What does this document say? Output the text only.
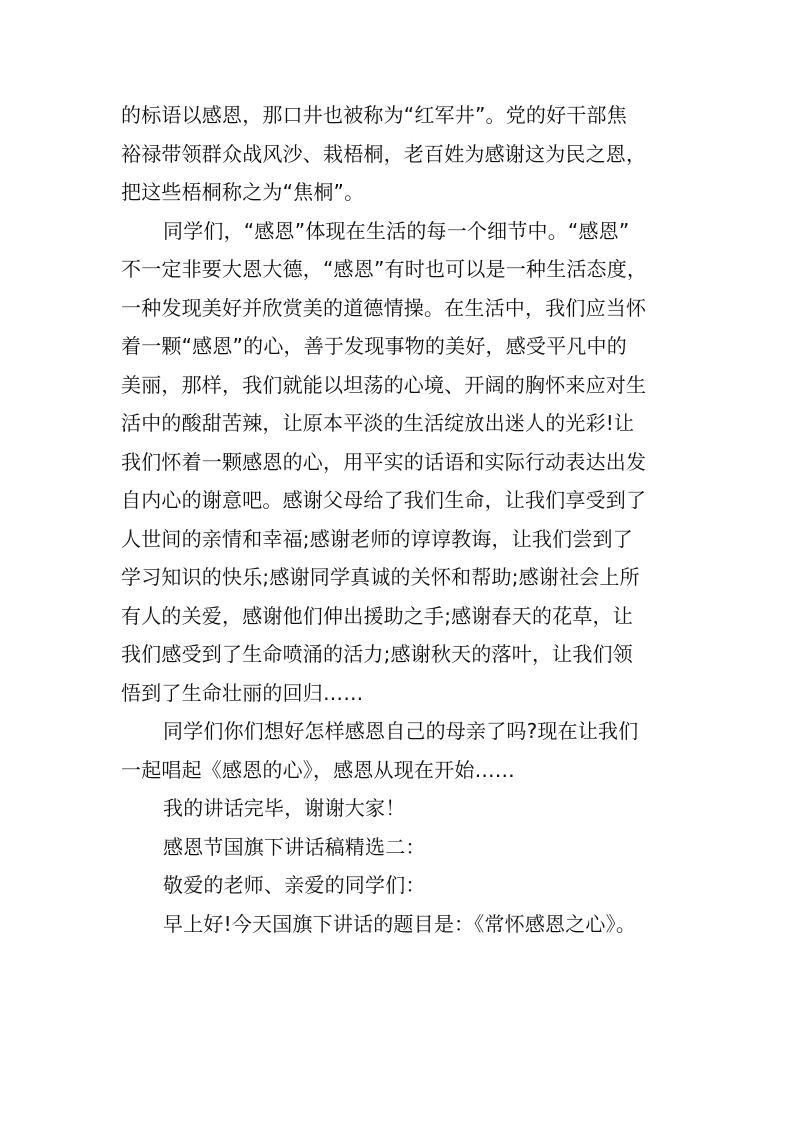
的标语以感恩，那口井也被称为“红军井”。党的好干部焦
裕禄带领群众战风沙、栽梧桐，老百姓为感谢这为民之恩，
把这些梧桐称之为“焦桐”。
同学们，“感恩”体现在生活的每一个细节中。“感恩”
不一定非要大恩大德，“感恩”有时也可以是一种生活态度，
一种发现美好并欣赏美的道德情操。在生活中，我们应当怀
着一颗“感恩”的心，善于发现事物的美好，感受平凡中的
美丽，那样，我们就能以坦荡的心境、开阔的胸怀来应对生
活中的酸甜苦辣，让原本平淡的生活绽放出迷人的光彩!让
我们怀着一颗感恩的心，用平实的话语和实际行动表达出发
自内心的谢意吧。感谢父母给了我们生命，让我们享受到了
人世间的亲情和幸福;感谢老师的谆谆教诲，让我们尝到了
学习知识的快乐;感谢同学真诚的关怀和帮助;感谢社会上所
有人的关爱，感谢他们伸出援助之手;感谢春天的花草，让
我们感受到了生命喷涌的活力;感谢秋天的落叶，让我们领
悟到了生命壮丽的回归……
同学们你们想好怎样感恩自己的母亲了吗?现在让我们
一起唱起《感恩的心》，感恩从现在开始……
我的讲话完毕，谢谢大家！
感恩节国旗下讲话稿精选二：
敬爱的老师、亲爱的同学们：
早上好!今天国旗下讲话的题目是：《常怀感恩之心》。
